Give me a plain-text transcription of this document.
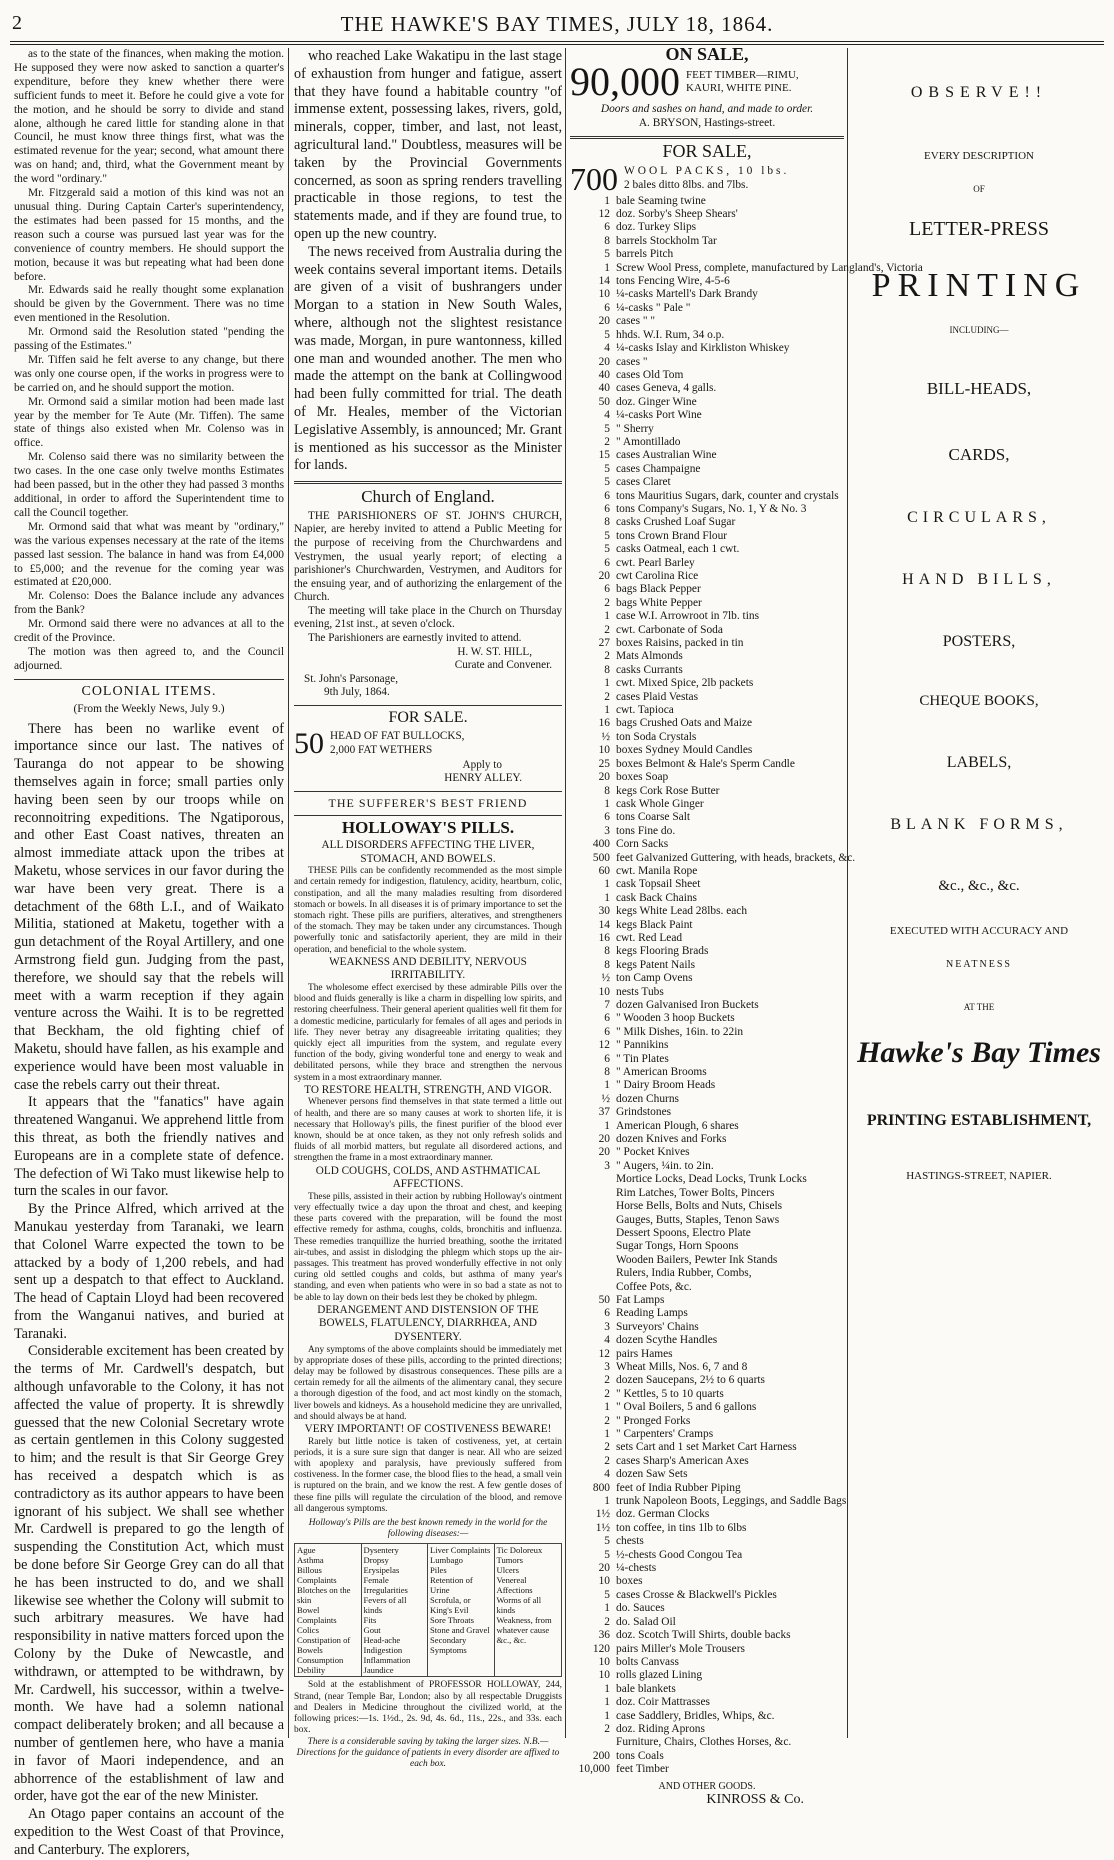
2	THE HAWKE'S BAY TIMES, JULY 18, 1864.

as to the state of the finances, when making the motion. He supposed they were now asked to sanction a quarter's expenditure, before they knew whether there were sufficient funds to meet it. Before he could give a vote for the motion, and he should be sorry to divide and stand alone, although he cared little for standing alone in that Council, he must know three things first, what was the estimated revenue for the year; second, what amount there was on hand; and, third, what the Government meant by the word "ordinary."

Mr. Fitzgerald said a motion of this kind was not an unusual thing. During Captain Carter's superintendency, the estimates had been passed for 15 months, and the reason such a course was pursued last year was for the convenience of country members. He should support the motion, because it was but repeating what had been done before.

Mr. Edwards said he really thought some explanation should be given by the Government. There was no time even mentioned in the Resolution.

Mr. Ormond said the Resolution stated "pending the passing of the Estimates."

Mr. Tiffen said he felt averse to any change, but there was only one course open, if the works in progress were to be carried on, and he should support the motion.

Mr. Ormond said a similar motion had been made last year by the member for Te Aute (Mr. Tiffen). The same state of things also existed when Mr. Colenso was in office.

Mr. Colenso said there was no similarity between the two cases. In the one case only twelve months Estimates had been passed, but in the other they had passed 3 months additional, in order to afford the Superintendent time to call the Council together.

Mr. Ormond said that what was meant by "ordinary," was the various expenses necessary at the rate of the items passed last session. The balance in hand was from £4,000 to £5,000; and the revenue for the coming year was estimated at £20,000.

Mr. Colenso: Does the Balance include any advances from the Bank?

Mr. Ormond said there were no advances at all to the credit of the Province.

The motion was then agreed to, and the Council adjourned.

COLONIAL ITEMS.

(From the Weekly News, July 9.)

There has been no warlike event of importance since our last. The natives of Tauranga do not appear to be showing themselves again in force; small parties only having been seen by our troops while on reconnoitring expeditions. The Ngatiporous, and other East Coast natives, threaten an almost immediate attack upon the tribes at Maketu, whose services in our favor during the war have been very great. There is a detachment of the 68th L.I., and of Waikato Militia, stationed at Maketu, together with a gun detachment of the Royal Artillery, and one Armstrong field gun. Judging from the past, therefore, we should say that the rebels will meet with a warm reception if they again venture across the Waihi. It is to be regretted that Beckham, the old fighting chief of Maketu, should have fallen, as his example and experience would have been most valuable in case the rebels carry out their threat.

It appears that the "fanatics" have again threatened Wanganui. We apprehend little from this threat, as both the friendly natives and Europeans are in a complete state of defence. The defection of Wi Tako must likewise help to turn the scales in our favor.

By the Prince Alfred, which arrived at the Manukau yesterday from Taranaki, we learn that Colonel Warre expected the town to be attacked by a body of 1,200 rebels, and had sent up a despatch to that effect to Auckland. The head of Captain Lloyd had been recovered from the Wanganui natives, and buried at Taranaki.

Considerable excitement has been created by the terms of Mr. Cardwell's despatch, but although unfavorable to the Colony, it has not affected the value of property. It is shrewdly guessed that the new Colonial Secretary wrote as certain gentlemen in this Colony suggested to him; and the result is that Sir George Grey has received a despatch which is as contradictory as its author appears to have been ignorant of his subject. We shall see whether Mr. Cardwell is prepared to go the length of suspending the Constitution Act, which must be done before Sir George Grey can do all that he has been instructed to do, and we shall likewise see whether the Colony will submit to such arbitrary measures. We have had responsibility in native matters forced upon the Colony by the Duke of Newcastle, and withdrawn, or attempted to be withdrawn, by Mr. Cardwell, his successor, within a twelve-month. We have had a solemn national compact deliberately broken; and all because a number of gentlemen here, who have a mania in favor of Maori independence, and an abhorrence of the establishment of law and order, have got the ear of the new Minister.

An Otago paper contains an account of the expedition to the West Coast of that Province, and Canterbury. The explorers,

who reached Lake Wakatipu in the last stage of exhaustion from hunger and fatigue, assert that they have found a habitable country "of immense extent, possessing lakes, rivers, gold, minerals, copper, timber, and last, not least, agricultural land." Doubtless, measures will be taken by the Provincial Governments concerned, as soon as spring renders travelling practicable in those regions, to test the statements made, and if they are found true, to open up the new country.

The news received from Australia during the week contains several important items. Details are given of a visit of bushrangers under Morgan to a station in New South Wales, where, although not the slightest resistance was made, Morgan, in pure wantonness, killed one man and wounded another. The men who made the attempt on the bank at Collingwood had been fully committed for trial. The death of Mr. Heales, member of the Victorian Legislative Assembly, is announced; Mr. Grant is mentioned as his successor as the Minister for lands.

Church of England.

THE PARISHIONERS OF ST. JOHN'S CHURCH, Napier, are hereby invited to attend a Public Meeting for the purpose of receiving from the Churchwardens and Vestrymen, the usual yearly report; of electing a parishioner's Churchwarden, Vestrymen, and Auditors for the ensuing year, and of authorizing the enlargement of the Church.

The meeting will take place in the Church on Thursday evening, 21st inst., at seven o'clock.

The Parishioners are earnestly invited to attend.

H. W. ST. HILL,

Curate and Convener.

St. John's Parsonage,

9th July, 1864.

FOR SALE.
50 HEAD OF FAT BULLOCKS,
2,000 FAT WETHERS
Apply to
HENRY ALLEY.
THE SUFFERER'S BEST FRIEND
HOLLOWAY'S PILLS.
ALL DISORDERS AFFECTING THE LIVER, STOMACH, AND BOWELS.

THESE Pills can be confidently recommended as the most simple and certain remedy for indigestion, flatulency, acidity, heartburn, colic, constipation, and all the many maladies resulting from disordered stomach or bowels. In all diseases it is of primary importance to set the stomach right. These pills are purifiers, alteratives, and strengtheners of the stomach. They may be taken under any circumstances. Though powerfully tonic and satisfactorily aperient, they are mild in their operation, and beneficial to the whole system.

WEAKNESS AND DEBILITY, NERVOUS IRRITABILITY.

The wholesome effect exercised by these admirable Pills over the blood and fluids generally is like a charm in dispelling low spirits, and restoring cheerfulness. Their general aperient qualities well fit them for a domestic medicine, particularly for females of all ages and periods in life. They never betray any disagreeable irritating qualities; they quickly eject all impurities from the system, and regulate every function of the body, giving wonderful tone and energy to weak and debilitated persons, while they brace and strengthen the nervous system in a most extraordinary manner.

TO RESTORE HEALTH, STRENGTH, AND VIGOR.

Whenever persons find themselves in that state termed a little out of health, and there are so many causes at work to shorten life, it is necessary that Holloway's pills, the finest purifier of the blood ever known, should be at once taken, as they not only refresh solids and fluids of all morbid matters, but regulate all disordered actions, and strengthen the frame in a most extraordinary manner.

OLD COUGHS, COLDS, AND ASTHMATICAL AFFECTIONS.

These pills, assisted in their action by rubbing Holloway's ointment very effectually twice a day upon the throat and chest, and keeping these parts covered with the preparation, will be found the most effective remedy for asthma, coughs, colds, bronchitis and influenza. These remedies tranquillize the hurried breathing, soothe the irritated air-tubes, and assist in dislodging the phlegm which stops up the air-passages. This treatment has proved wonderfully effective in not only curing old settled coughs and colds, but asthma of many year's standing, and even when patients who were in so bad a state as not to be able to lay down on their beds lest they be choked by phlegm.

DERANGEMENT AND DISTENSION OF THE BOWELS, FLATULENCY, DIARRHŒA, AND DYSENTERY.

Any symptoms of the above complaints should be immediately met by appropriate doses of these pills, according to the printed directions; delay may be followed by disastrous consequences. These pills are a certain remedy for all the ailments of the alimentary canal, they secure a thorough digestion of the food, and act most kindly on the stomach, liver bowels and kidneys. As a household medicine they are unrivalled, and should always be at hand.

VERY IMPORTANT! OF COSTIVENESS BEWARE!

Rarely but little notice is taken of costiveness, yet, at certain periods, it is a sure sure sign that danger is near. All who are seized with apoplexy and paralysis, have previously suffered from costiveness. In the former case, the blood flies to the head, a small vein is ruptured on the brain, and we know the rest. A few gentle doses of these fine pills will regulate the circulation of the blood, and remove all dangerous symptoms.

Holloway's Pills are the best known remedy in the world for the following diseases:—
Ague
Asthma
Billous Complaints
Blotches on the skin
Bowel Complaints
Colics
Constipation of Bowels
Consumption
Debility
Dysentery
Dropsy
Erysipelas
Female Irregularities
Fevers of all kinds
Fits
Gout
Head-ache
Indigestion
Inflammation
Jaundice
Liver Complaints
Lumbago
Piles
Retention of Urine
Scrofula, or King's Evil
Sore Throats
Stone and Gravel
Secondary Symptoms
Tic Doloreux
Tumors
Ulcers
Venereal Affections
Worms of all kinds
Weakness, from whatever cause
&c., &c.

Sold at the establishment of PROFESSOR HOLLOWAY, 244, Strand, (near Temple Bar, London; also by all respectable Druggists and Dealers in Medicine throughout the civilized world, at the following prices:—1s. 1½d., 2s. 9d, 4s. 6d., 11s., 22s., and 33s. each box.

There is a considerable saving by taking the larger sizes. N.B.—Directions for the guidance of patients in every disorder are affixed to each box.

ON SALE,
90,000 FEET TIMBER—RIMU,
KAURI, WHITE PINE.
Doors and sashes on hand, and made to order.
A. BRYSON, Hastings-street.
FOR SALE,
700 WOOL PACKS, 10 lbs.
2 bales ditto 8lbs. and 7lbs.
1 bale Seaming twine
12 doz. Sorby's Sheep Shears'
6 doz. Turkey Slips
8 barrels Stockholm Tar
5 barrels Pitch
1 Screw Wool Press, complete, manufactured by Langland's, Victoria
14 tons Fencing Wire, 4-5-6
10 ¼-casks Martell's Dark Brandy
6 ¼-casks " Pale "
20 cases " "
5 hhds. W.I. Rum, 34 o.p.
4 ¼-casks Islay and Kirkliston Whiskey
20 cases "
40 cases Old Tom
40 cases Geneva, 4 galls.
50 doz. Ginger Wine
4 ¼-casks Port Wine
5 " Sherry
2 " Amontillado
15 cases Australian Wine
5 cases Champaigne
5 cases Claret
6 tons Mauritius Sugars, dark, counter and crystals
6 tons Company's Sugars, No. 1, Y & No. 3
8 casks Crushed Loaf Sugar
5 tons Crown Brand Flour
5 casks Oatmeal, each 1 cwt.
6 cwt. Pearl Barley
20 cwt Carolina Rice
6 bags Black Pepper
2 bags White Pepper
1 case W.I. Arrowroot in 7lb. tins
2 cwt. Carbonate of Soda
27 boxes Raisins, packed in tin
2 Mats Almonds
8 casks Currants
1 cwt. Mixed Spice, 2lb packets
2 cases Plaid Vestas
1 cwt. Tapioca
16 bags Crushed Oats and Maize
½ ton Soda Crystals
10 boxes Sydney Mould Candles
25 boxes Belmont & Hale's Sperm Candle
20 boxes Soap
8 kegs Cork Rose Butter
1 cask Whole Ginger
6 tons Coarse Salt
3 tons Fine do.
400 Corn Sacks
500 feet Galvanized Guttering, with heads, brackets, &c.
60 cwt. Manila Rope
1 cask Topsail Sheet
1 cask Back Chains
30 kegs White Lead 28lbs. each
14 kegs Black Paint
16 cwt. Red Lead
8 kegs Flooring Brads
8 kegs Patent Nails
½ ton Camp Ovens
10 nests Tubs
7 dozen Galvanised Iron Buckets
6 " Wooden 3 hoop Buckets
6 " Milk Dishes, 16in. to 22in
12 " Pannikins
6 " Tin Plates
8 " American Brooms
1 " Dairy Broom Heads
½ dozen Churns
37 Grindstones
1 American Plough, 6 shares
20 dozen Knives and Forks
20 " Pocket Knives
3 " Augers, ¼in. to 2in.
Mortice Locks, Dead Locks, Trunk Locks
Rim Latches, Tower Bolts, Pincers
Horse Bells, Bolts and Nuts, Chisels
Gauges, Butts, Staples, Tenon Saws
Dessert Spoons, Electro Plate
Sugar Tongs, Horn Spoons
Wooden Bailers, Pewter Ink Stands
Rulers, India Rubber, Combs,
Coffee Pots, &c.
50 Fat Lamps
6 Reading Lamps
3 Surveyors' Chains
4 dozen Scythe Handles
12 pairs Hames
3 Wheat Mills, Nos. 6, 7 and 8
2 dozen Saucepans, 2½ to 6 quarts
2 " Kettles, 5 to 10 quarts
1 " Oval Boilers, 5 and 6 gallons
2 " Pronged Forks
1 " Carpenters' Cramps
2 sets Cart and 1 set Market Cart Harness
2 cases Sharp's American Axes
4 dozen Saw Sets
800 feet of India Rubber Piping
1 trunk Napoleon Boots, Leggings, and Saddle Bags
1½ doz. German Clocks
1½ ton coffee, in tins 1lb to 6lbs
5 chests
5 ½-chests Good Congou Tea
20 ¼-chests
10 boxes
5 cases Crosse & Blackwell's Pickles
1 do. Sauces
2 do. Salad Oil
36 doz. Scotch Twill Shirts, double backs
120 pairs Miller's Mole Trousers
10 bolts Canvass
10 rolls glazed Lining
1 bale blankets
1 doz. Coir Mattrasses
1 case Saddlery, Bridles, Whips, &c.
2 doz. Riding Aprons
Furniture, Chairs, Clothes Horses, &c.
200 tons Coals
10,000 feet Timber
AND OTHER GOODS.
KINROSS & Co.
OBSERVE!!
EVERY DESCRIPTION
OF
LETTER-PRESS
PRINTING
INCLUDING—
BILL-HEADS,
CARDS,
CIRCULARS,
HAND BILLS,
POSTERS,
CHEQUE BOOKS,
LABELS,
BLANK FORMS,
&c., &c., &c.
EXECUTED WITH ACCURACY AND
NEATNESS
AT THE
Hawke's Bay Times
PRINTING ESTABLISHMENT,
HASTINGS-STREET, NAPIER.
